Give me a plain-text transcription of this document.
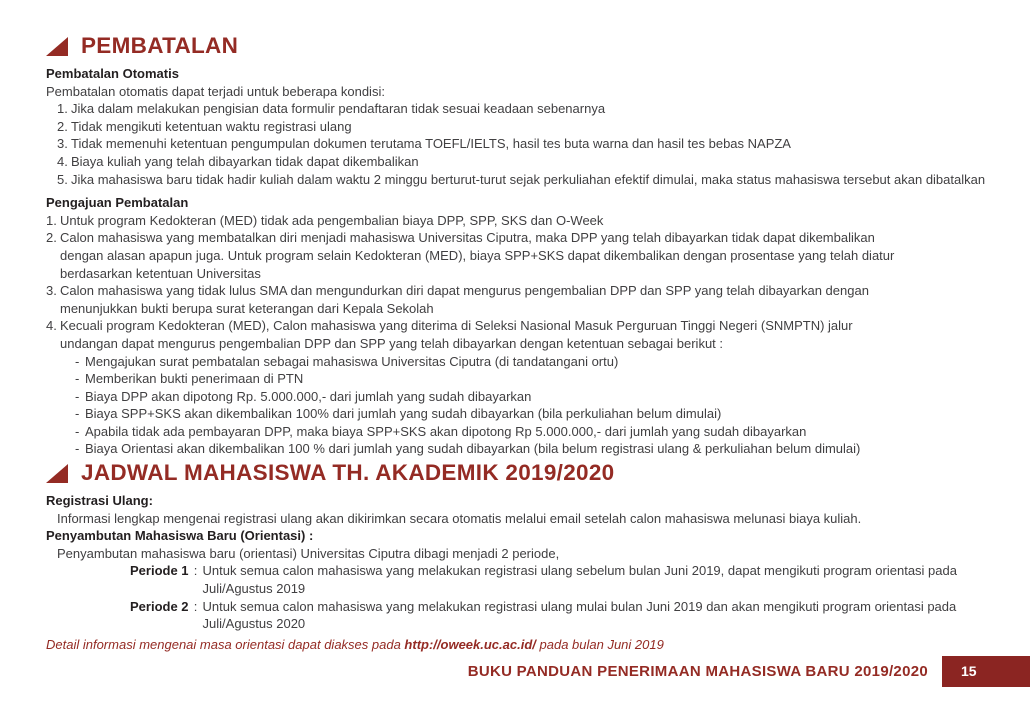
PEMBATALAN

Pembatalan Otomatis

Pembatalan otomatis dapat terjadi untuk beberapa kondisi:

1. Jika dalam melakukan pengisian data formulir pendaftaran tidak sesuai keadaan sebenarnya
2. Tidak mengikuti ketentuan waktu registrasi ulang
3. Tidak memenuhi ketentuan pengumpulan dokumen terutama TOEFL/IELTS, hasil tes buta warna dan hasil tes bebas NAPZA
4. Biaya kuliah yang telah dibayarkan tidak dapat dikembalikan
5. Jika mahasiswa baru tidak hadir kuliah dalam waktu 2 minggu berturut-turut sejak perkuliahan efektif dimulai, maka status mahasiswa tersebut akan dibatalkan

Pengajuan Pembatalan

1. Untuk program Kedokteran (MED) tidak ada pengembalian biaya DPP, SPP, SKS dan O-Week
2. Calon mahasiswa yang membatalkan diri menjadi mahasiswa Universitas Ciputra, maka DPP yang telah dibayarkan tidak dapat dikembalikan dengan alasan apapun juga. Untuk program selain Kedokteran (MED), biaya SPP+SKS dapat dikembalikan dengan prosentase yang telah diatur berdasarkan ketentuan Universitas
3. Calon mahasiswa yang tidak lulus SMA dan mengundurkan diri dapat mengurus pengembalian DPP dan SPP yang telah dibayarkan dengan menunjukkan bukti berupa surat keterangan dari Kepala Sekolah
4. Kecuali program Kedokteran (MED), Calon mahasiswa yang diterima di Seleksi Nasional Masuk Perguruan Tinggi Negeri (SNMPTN) jalur undangan dapat mengurus pengembalian DPP dan SPP yang telah dibayarkan dengan ketentuan sebagai berikut :
- Mengajukan surat pembatalan sebagai mahasiswa Universitas Ciputra (di tandatangani ortu)
- Memberikan bukti penerimaan di PTN
- Biaya DPP akan dipotong Rp. 5.000.000,- dari jumlah yang sudah dibayarkan
- Biaya SPP+SKS akan dikembalikan 100% dari jumlah yang sudah dibayarkan (bila perkuliahan belum dimulai)
- Apabila tidak ada pembayaran DPP, maka biaya SPP+SKS akan dipotong Rp 5.000.000,- dari jumlah yang sudah dibayarkan
- Biaya Orientasi akan dikembalikan 100 % dari jumlah yang sudah dibayarkan (bila belum registrasi ulang & perkuliahan belum dimulai)
JADWAL MAHASISWA TH. AKADEMIK 2019/2020

Registrasi Ulang:

Informasi lengkap mengenai registrasi ulang akan dikirimkan secara otomatis melalui email setelah calon mahasiswa melunasi biaya kuliah.

Penyambutan Mahasiswa Baru (Orientasi) :

Penyambutan mahasiswa baru (orientasi) Universitas Ciputra dibagi menjadi 2 periode,

Periode 1 : Untuk semua calon mahasiswa yang melakukan registrasi ulang sebelum bulan Juni 2019, dapat mengikuti program orientasi pada Juli/Agustus 2019
Periode 2 : Untuk semua calon mahasiswa yang melakukan registrasi ulang mulai bulan Juni 2019 dan akan mengikuti program orientasi pada Juli/Agustus 2020

Detail informasi mengenai masa orientasi dapat diakses pada http://oweek.uc.ac.id/ pada bulan Juni 2019

BUKU PANDUAN PENERIMAAN MAHASISWA BARU 2019/2020 15
